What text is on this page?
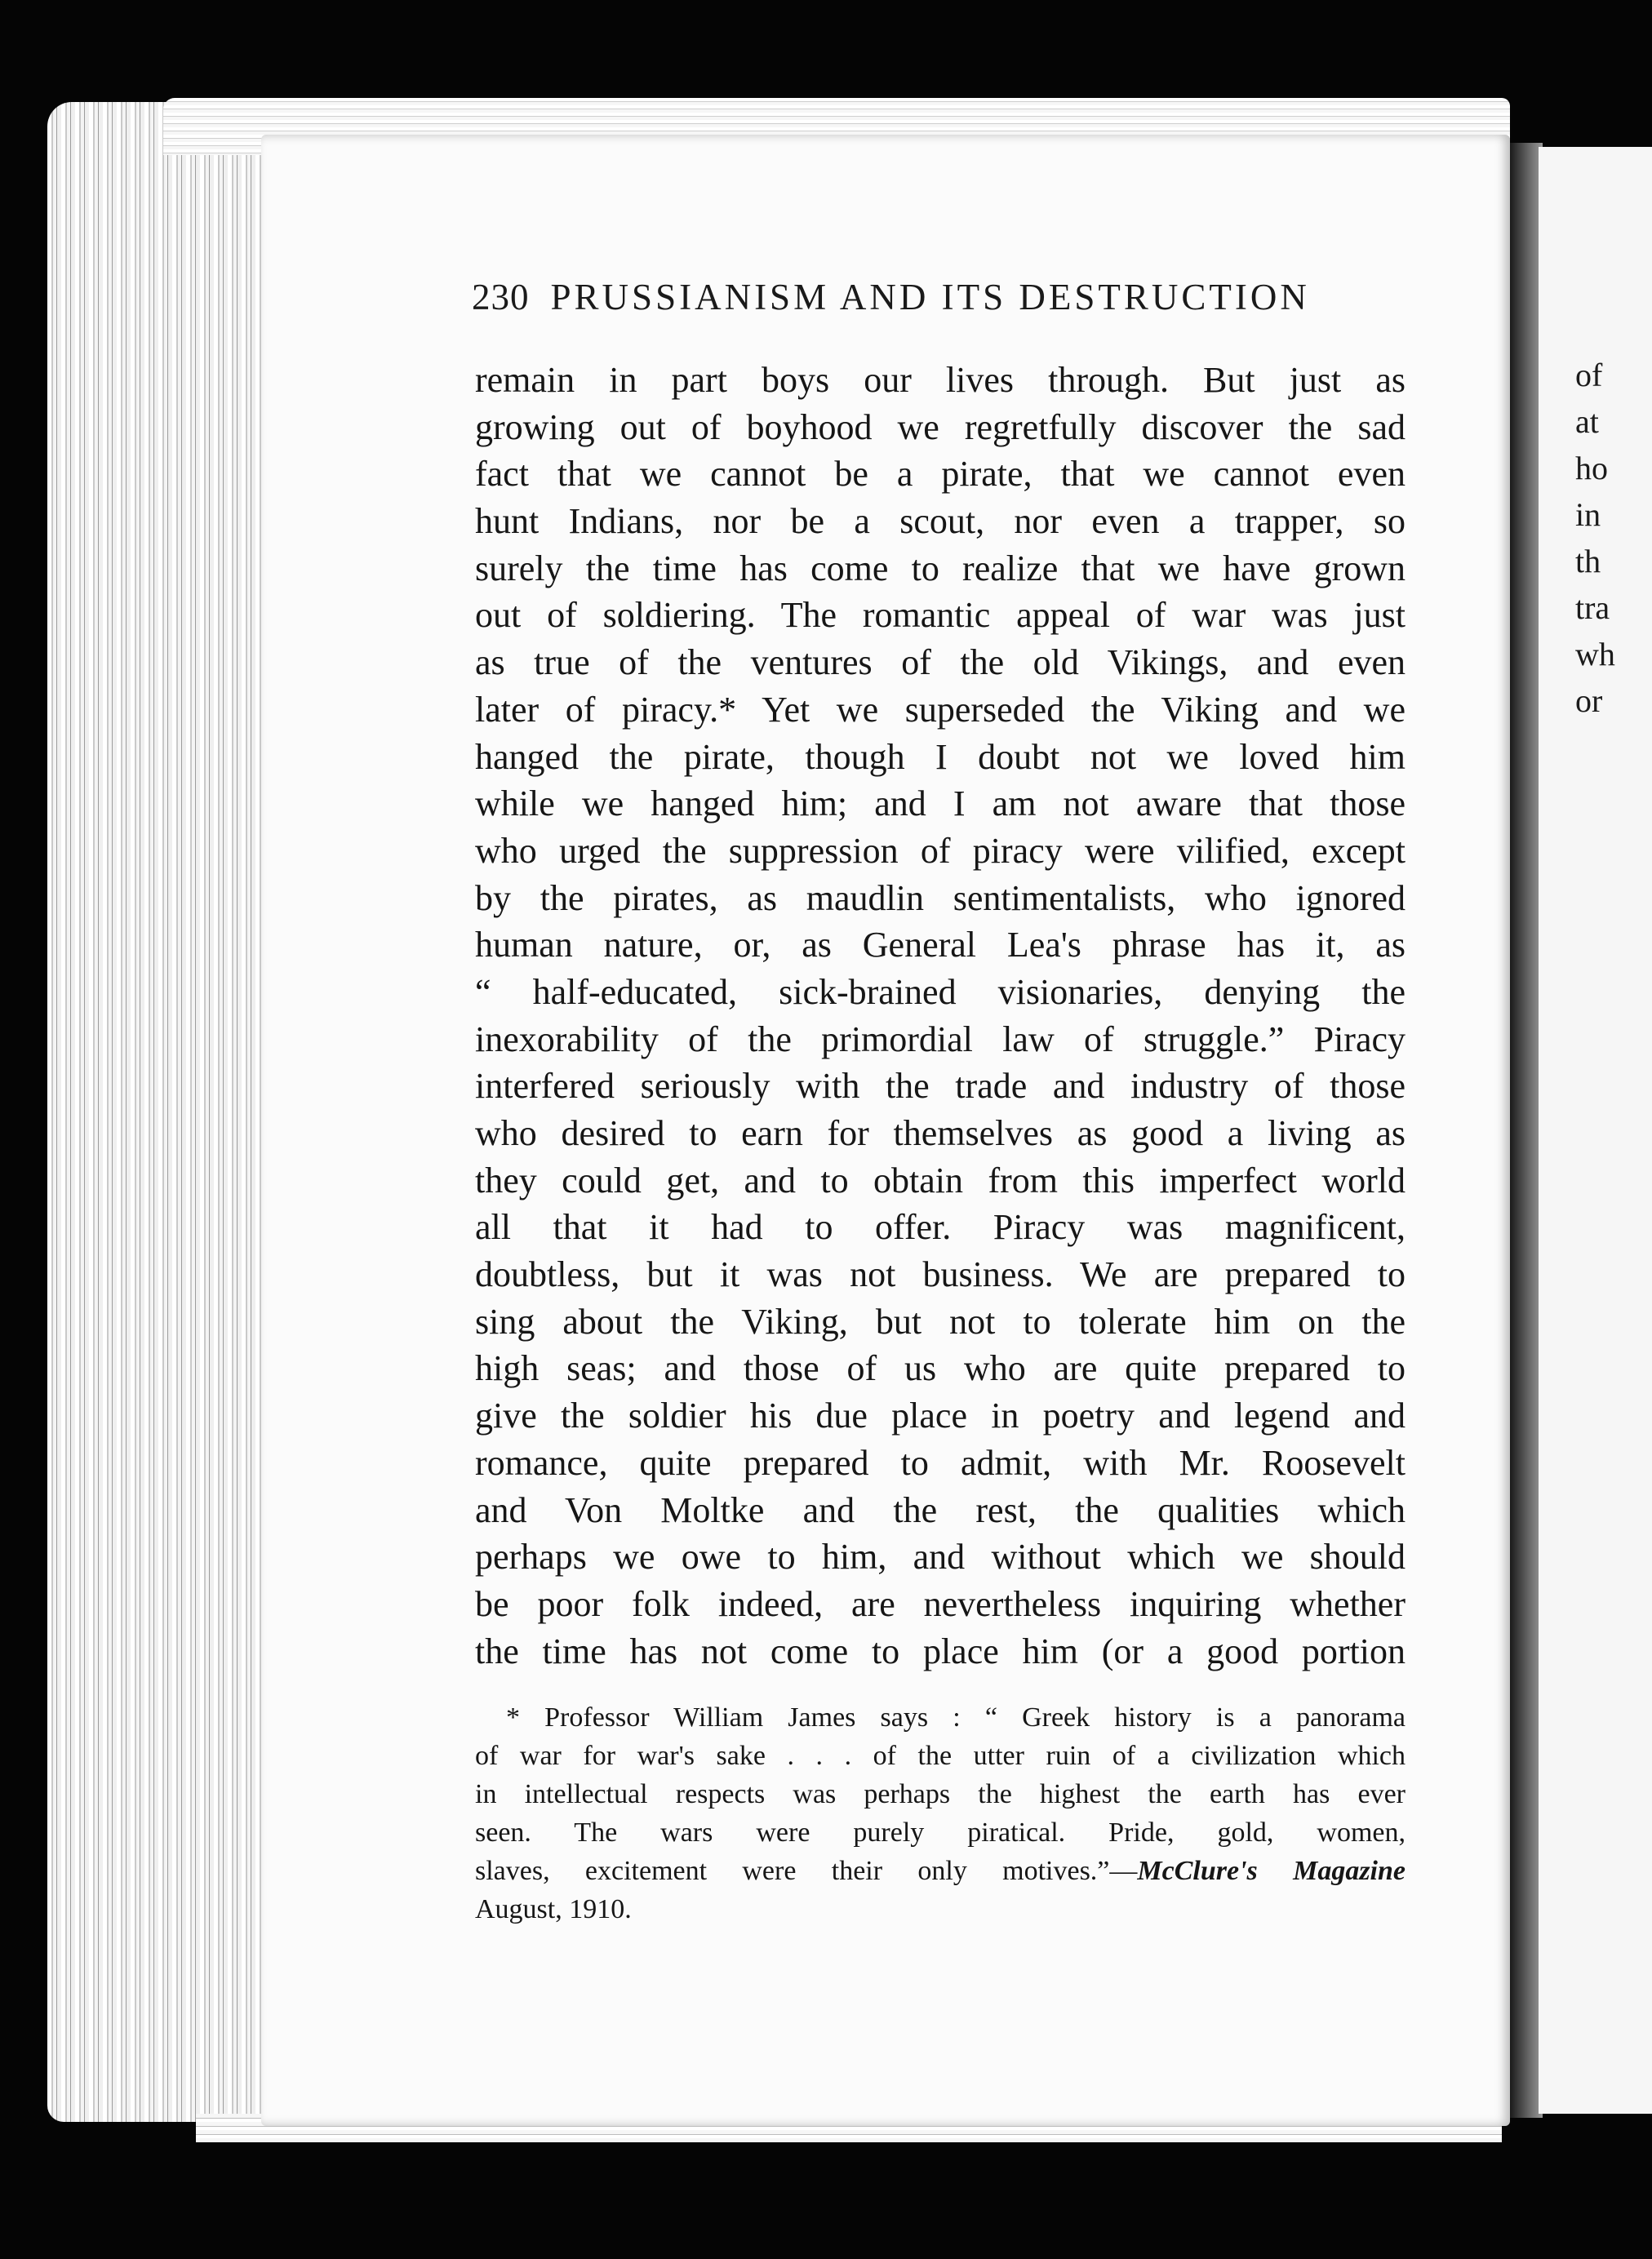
of
at
ho
in
th
tra
wh
or
230 PRUSSIANISM AND ITS DESTRUCTION
remain in part boys our lives through. But just as
growing out of boyhood we regretfully discover the sad
fact that we cannot be a pirate, that we cannot even
hunt Indians, nor be a scout, nor even a trapper, so
surely the time has come to realize that we have grown
out of soldiering. The romantic appeal of war was just
as true of the ventures of the old Vikings, and even
later of piracy.* Yet we superseded the Viking and we
hanged the pirate, though I doubt not we loved him
while we hanged him; and I am not aware that those
who urged the suppression of piracy were vilified, except
by the pirates, as maudlin sentimentalists, who ignored
human nature, or, as General Lea's phrase has it, as
“ half-educated, sick-brained visionaries, denying the
inexorability of the primordial law of struggle.” Piracy
interfered seriously with the trade and industry of those
who desired to earn for themselves as good a living as
they could get, and to obtain from this imperfect world
all that it had to offer. Piracy was magnificent,
doubtless, but it was not business. We are prepared to
sing about the Viking, but not to tolerate him on the
high seas; and those of us who are quite prepared to
give the soldier his due place in poetry and legend and
romance, quite prepared to admit, with Mr. Roosevelt
and Von Moltke and the rest, the qualities which
perhaps we owe to him, and without which we should
be poor folk indeed, are nevertheless inquiring whether
the time has not come to place him (or a good portion
* Professor William James says : “ Greek history is a panorama
of war for war's sake . . . of the utter ruin of a civilization which
in intellectual respects was perhaps the highest the earth has ever
seen. The wars were purely piratical. Pride, gold, women,
slaves, excitement were their only motives.”—McClure's Magazine
August, 1910.
